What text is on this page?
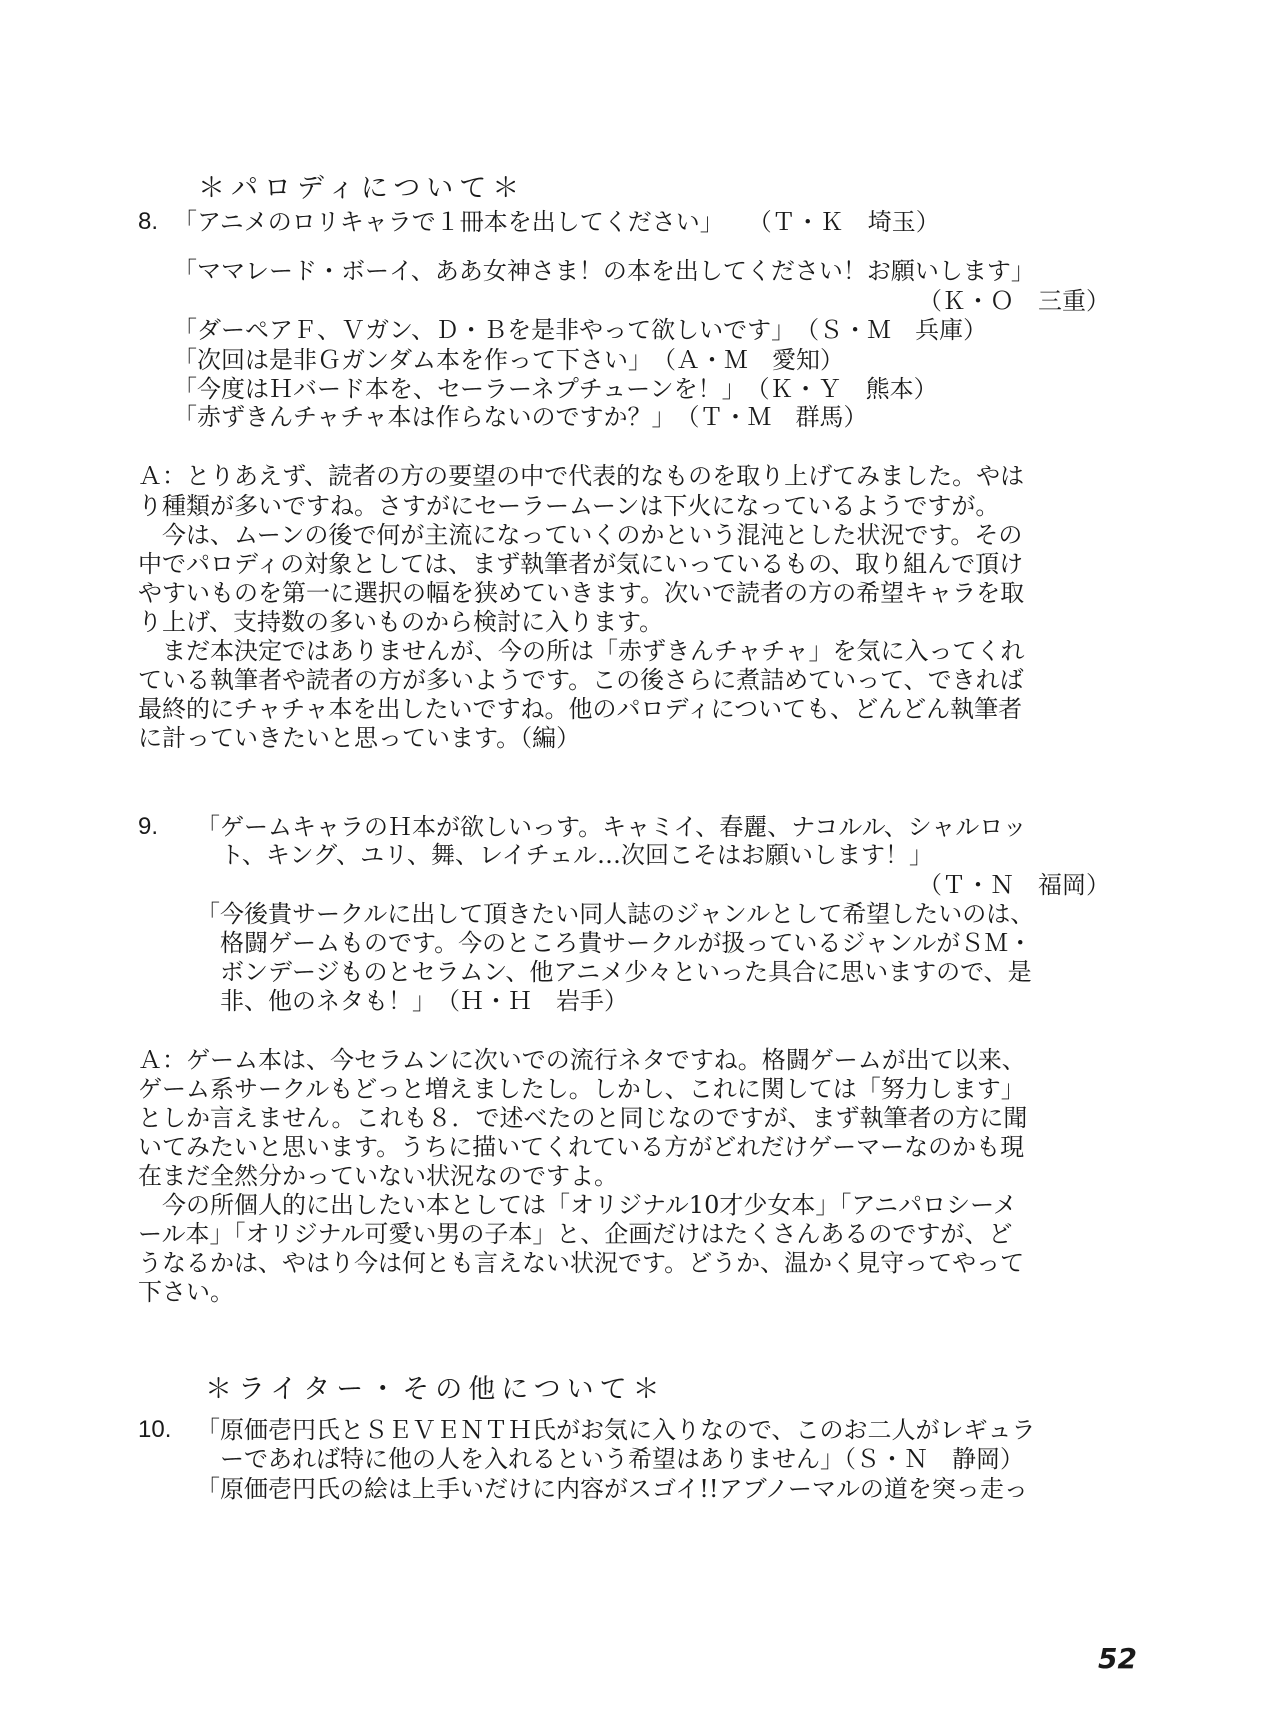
＊パロディについて＊
8. 「アニメのロリキャラで１冊本を出してください」　　（Ｔ・Ｋ　埼玉）
「ママレード・ボーイ、ああ女神さま！の本を出してください！お願いします」
（Ｋ・Ｏ　三重）
「ダーペアＦ、Ｖガン、Ｄ・Ｂを是非やって欲しいです」　（Ｓ・Ｍ　兵庫）
「次回は是非Ｇガンダム本を作って下さい」　（Ａ・Ｍ　愛知）
「今度はＨバード本を、セーラーネプチューンを！」　（Ｋ・Ｙ　熊本）
「赤ずきんチャチャ本は作らないのですか？」　（Ｔ・Ｍ　群馬）
Ａ：とりあえず、読者の方の要望の中で代表的なものを取り上げてみました。やは
り種類が多いですね。さすがにセーラームーンは下火になっているようですが。
　今は、ムーンの後で何が主流になっていくのかという混沌とした状況です。その
中でパロディの対象としては、まず執筆者が気にいっているもの、取り組んで頂け
やすいものを第一に選択の幅を狭めていきます。次いで読者の方の希望キャラを取
り上げ、支持数の多いものから検討に入ります。
　まだ本決定ではありませんが、今の所は「赤ずきんチャチャ」を気に入ってくれ
ている執筆者や読者の方が多いようです。この後さらに煮詰めていって、できれば
最終的にチャチャ本を出したいですね。他のパロディについても、どんどん執筆者
に計っていきたいと思っています。（編）
9. 「ゲームキャラのＨ本が欲しいっす。キャミイ、春麗、ナコルル、シャルロッ
ト、キング、ユリ、舞、レイチェル…次回こそはお願いします！」
（Ｔ・Ｎ　福岡）
「今後貴サークルに出して頂きたい同人誌のジャンルとして希望したいのは、
格闘ゲームものです。今のところ貴サークルが扱っているジャンルがＳＭ・
ボンデージものとセラムン、他アニメ少々といった具合に思いますので、是
非、他のネタも！」　（Ｈ・Ｈ　岩手）
Ａ：ゲーム本は、今セラムンに次いでの流行ネタですね。格闘ゲームが出て以来、
ゲーム系サークルもどっと増えましたし。しかし、これに関しては「努力します」
としか言えません。これも８．で述べたのと同じなのですが、まず執筆者の方に聞
いてみたいと思います。うちに描いてくれている方がどれだけゲーマーなのかも現
在まだ全然分かっていない状況なのですよ。
　今の所個人的に出したい本としては「オリジナル10才少女本」「アニパロシーメ
ール本」「オリジナル可愛い男の子本」と、企画だけはたくさんあるのですが、ど
うなるかは、やはり今は何とも言えない状況です。どうか、温かく見守ってやって
下さい。
＊ライター・その他について＊
10. 「原価壱円氏とＳＥＶＥＮＴＨ氏がお気に入りなので、このお二人がレギュラ
ーであれば特に他の人を入れるという希望はありません」（Ｓ・Ｎ　静岡）
「原価壱円氏の絵は上手いだけに内容がスゴイ!!アブノーマルの道を突っ走っ
52
